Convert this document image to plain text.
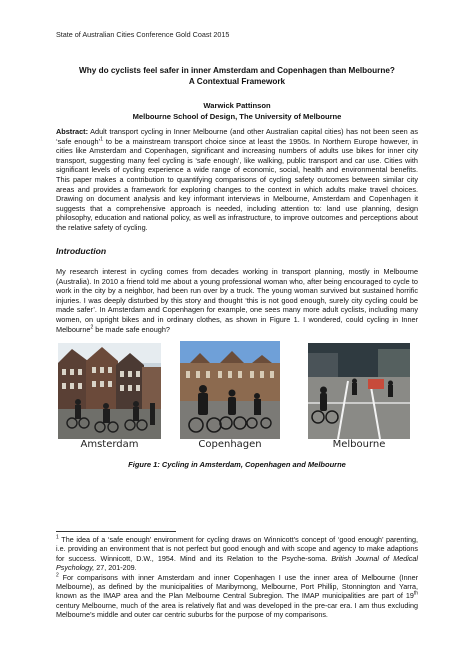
State of Australian Cities Conference Gold Coast 2015
Why do cyclists feel safer in inner Amsterdam and Copenhagen than Melbourne?
A Contextual Framework
Warwick Pattinson
Melbourne School of Design, The University of Melbourne
Abstract: Adult transport cycling in Inner Melbourne (and other Australian capital cities) has not been seen as ‘safe enough’$^1$ to be a mainstream transport choice since at least the 1950s. In Northern Europe however, in cities like Amsterdam and Copenhagen, significant and increasing numbers of adults use bikes for inner city transport, suggesting many feel cycling is ‘safe enough’, like walking, public transport and car use. Cities with significant levels of cycling experience a wide range of economic, social, health and environmental benefits. This paper makes a contribution to quantifying comparisons of cycling safety outcomes between similar city areas and provides a framework for exploring changes to the context in which adults make travel choices. Drawing on document analysis and key informant interviews in Melbourne, Amsterdam and Copenhagen it suggests that a comprehensive approach is needed, including attention to: land use planning, design philosophy, education and national policy, as well as infrastructure, to improve outcomes and perceptions about the relative safety of cycling.
Introduction
My research interest in cycling comes from decades working in transport planning, mostly in Melbourne (Australia). In 2010 a friend told me about a young professional woman who, after being encouraged to cycle to work in the city by a neighbor, had been run over by a truck. The young woman survived but sustained horrific injuries. I was deeply disturbed by this story and thought ‘this is not good enough, surely city cycling could be made safer’. In Amsterdam and Copenhagen for example, one sees many more adult cyclists, including many women, on upright bikes and in ordinary clothes, as shown in Figure 1. I wondered, could cycling in Inner Melbourne$^2$ be made safe enough?
Amsterdam	Copenhagen	Melbourne
Figure 1: Cycling in Amsterdam, Copenhagen and Melbourne

$^1$ The idea of a ‘safe enough’ environment for cycling draws on Winnicott’s concept of ‘good enough’ parenting, i.e. providing an environment that is not perfect but good enough and with scope and agency to make adaptions for success. Winnicott, D.W., 1954. Mind and its Relation to the Psyche-soma. British Journal of Medical Psychology, 27, 201-209.

$^2$ For comparisons with inner Amsterdam and inner Copenhagen I use the inner area of Melbourne (Inner Melbourne), as defined by the municipalities of Maribyrnong, Melbourne, Port Phillip, Stonnington and Yarra, known as the IMAP area and the Plan Melbourne Central Subregion. The IMAP municipalities are part of 19th century Melbourne, much of the area is relatively flat and was developed in the pre-car era. I am thus excluding Melbourne’s middle and outer car centric suburbs for the purpose of my comparisons.
